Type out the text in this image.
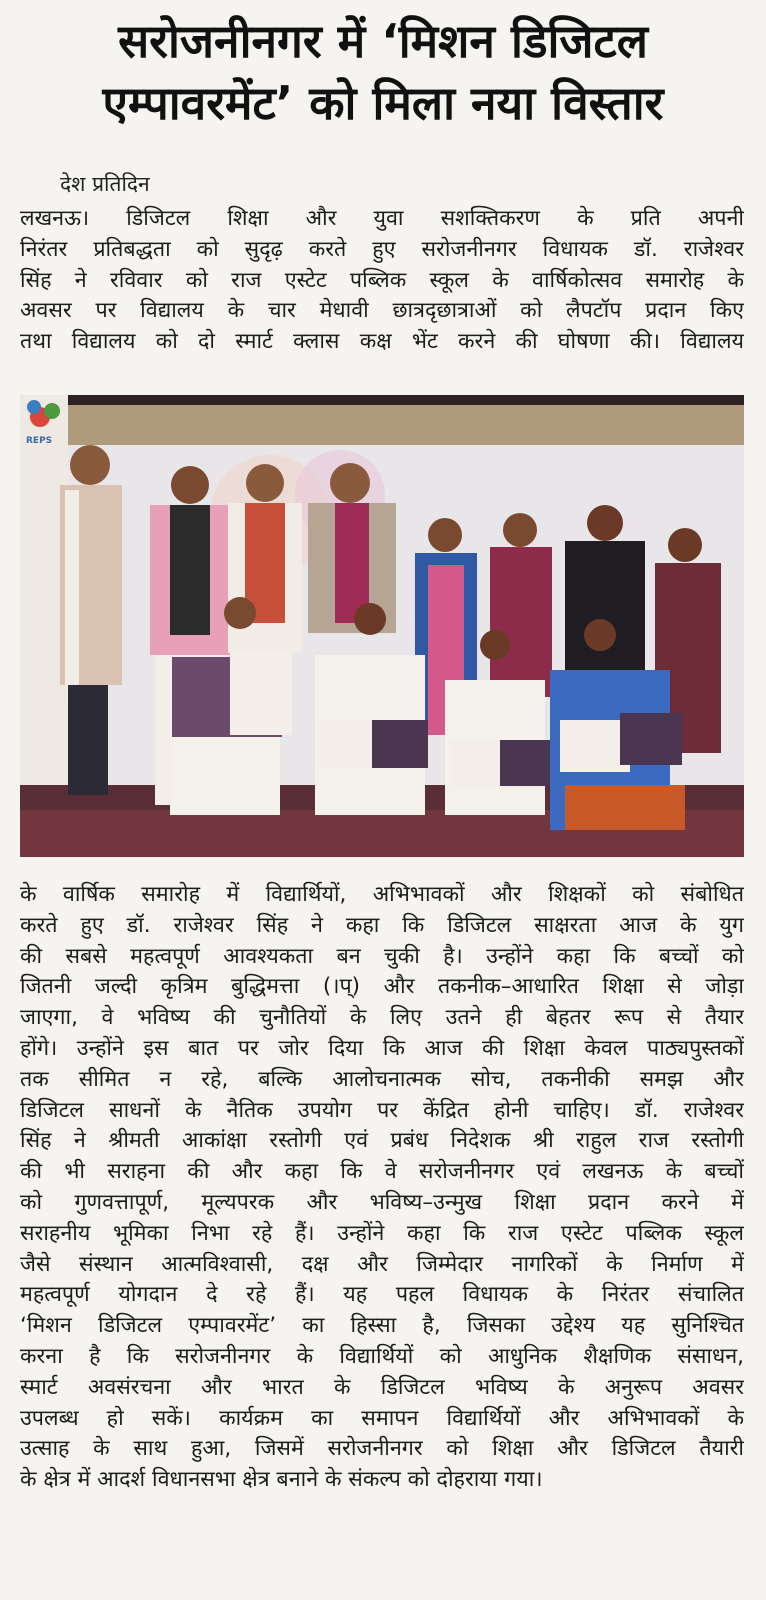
सरोजनीनगर में ‘मिशन डिजिटल
एम्पावरमेंट’ को मिला नया विस्तार
देश प्रतिदिन
लखनऊ। डिजिटल शिक्षा और युवा सशक्तिकरण के प्रति अपनी
निरंतर प्रतिबद्धता को सुदृढ़ करते हुए सरोजनीनगर विधायक डॉ. राजेश्वर
सिंह ने रविवार को राज एस्टेट पब्लिक स्कूल के वार्षिकोत्सव समारोह के
अवसर पर विद्यालय के चार मेधावी छात्रदृछात्राओं को लैपटॉप प्रदान किए
तथा विद्यालय को दो स्मार्ट क्लास कक्ष भेंट करने की घोषणा की। विद्यालय
REPS
के वार्षिक समारोह में विद्यार्थियों, अभिभावकों और शिक्षकों को संबोधित
करते हुए डॉ. राजेश्वर सिंह ने कहा कि डिजिटल साक्षरता आज के युग
की सबसे महत्वपूर्ण आवश्यकता बन चुकी है। उन्होंने कहा कि बच्चों को
जितनी जल्दी कृत्रिम बुद्धिमत्ता (।प्) और तकनीक–आधारित शिक्षा से जोड़ा
जाएगा, वे भविष्य की चुनौतियों के लिए उतने ही बेहतर रूप से तैयार
होंगे। उन्होंने इस बात पर जोर दिया कि आज की शिक्षा केवल पाठ्यपुस्तकों
तक सीमित न रहे, बल्कि आलोचनात्मक सोच, तकनीकी समझ और
डिजिटल साधनों के नैतिक उपयोग पर केंद्रित होनी चाहिए। डॉ. राजेश्वर
सिंह ने श्रीमती आकांक्षा रस्तोगी एवं प्रबंध निदेशक श्री राहुल राज रस्तोगी
की भी सराहना की और कहा कि वे सरोजनीनगर एवं लखनऊ के बच्चों
को गुणवत्तापूर्ण, मूल्यपरक और भविष्य–उन्मुख शिक्षा प्रदान करने में
सराहनीय भूमिका निभा रहे हैं। उन्होंने कहा कि राज एस्टेट पब्लिक स्कूल
जैसे संस्थान आत्मविश्वासी, दक्ष और जिम्मेदार नागरिकों के निर्माण में
महत्वपूर्ण योगदान दे रहे हैं। यह पहल विधायक के निरंतर संचालित
‘मिशन डिजिटल एम्पावरमेंट’ का हिस्सा है, जिसका उद्देश्य यह सुनिश्चित
करना है कि सरोजनीनगर के विद्यार्थियों को आधुनिक शैक्षणिक संसाधन,
स्मार्ट अवसंरचना और भारत के डिजिटल भविष्य के अनुरूप अवसर
उपलब्ध हो सकें। कार्यक्रम का समापन विद्यार्थियों और अभिभावकों के
उत्साह के साथ हुआ, जिसमें सरोजनीनगर को शिक्षा और डिजिटल तैयारी
के क्षेत्र में आदर्श विधानसभा क्षेत्र बनाने के संकल्प को दोहराया गया।
